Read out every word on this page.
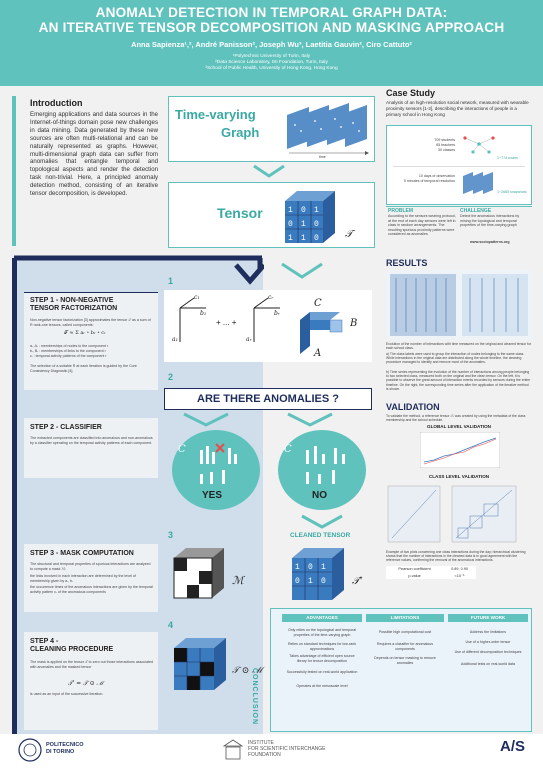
ANOMALY DETECTION IN TEMPORAL GRAPH DATA:
AN ITERATIVE TENSOR DECOMPOSITION AND MASKING APPROACH
Anna Sapienza¹,², André Panisson², Joseph Wu³, Laetitia Gauvin², Ciro Cattuto²
¹Polytechnic University of Turin, Italy
²Data Science Laboratory, ISI Foundation, Turin, Italy
³School of Public Health, University of Hong Kong, Hong Kong
Introduction
Emerging applications and data sources in the Internet-of-things domain pose new challenges in data mining. Data generated by these new sources are often multi-relational and can be naturally represented as graphs. However, multi-dimensional graph data can suffer from anomalies that entangle temporal and topological aspects and render the detection task non-trivial. Here, a principled anomaly detection method, consisting of an iterative tensor decomposition, is developed.
Time-varying
Graph
time
Tensor	1 0 1
0 1 0
1 1 0	𝒯
Case Study
Analysis of an high-resolution social network, measured with wearable proximity sensors [1-2], describing the interactions of people in a primary school in Hong Kong
709 students
65 teachers
30 classes
1~774 nodes
10 days of observation
5 minutes of temporal resolution
1~2680 snapshots
PROBLEM
According to the sensors wearing protocol, at the end of each day sensors were left in class in random arrangements. The resulting spurious proximity patterns were considered as anomalies
CHALLENGE
Detect the anomalous interactions by mining the topological and temporal properties of the time-varying graph
www.sociopatterns.org
STEP 1 - NON-NEGATIVE
TENSOR FACTORIZATION
Non-negative tensor factorization [3] approximates the tensor 𝒯 as a sum of R rank-one tensors, called components:
𝒯 ≈ Σ aᵣ ∘ bᵣ ∘ cᵣ
aᵣ, Aᵣ : memberships of nodes to the component r
bᵣ, Bᵣ : memberships of links to the component r
cᵣ : temporal activity patterns of the component r
The selection of a suitable R at each iteration is guided by the Core Consistency Diagnostic [4].
STEP 2 - CLASSIFIER
The extracted components are classified into anomalous and non-anomalous by a classifier operating on the temporal activity patterns of each component.
STEP 3 - MASK COMPUTATION
The structural and temporal properties of spurious interactions are analyzed to compute a mask ℳ:
the links involved in each interaction are determined by the level of membership given by aᵣ, bᵣ
the occurrence times of the anomalous interactions are given by the temporal activity pattern cᵣ of the anomalous components
STEP 4 -
CLEANING PROCEDURE
The mask is applied on the tensor 𝒯 to zero out those interactions associated with anomalies and the masked tensor
𝒯' = 𝒯 ⊙ ℳ
is used as an input of the successive iteration.
1
c₁
b₁
a₁
+ ... +
cᵣ
bᵣ
aᵣ
C
B
A
2
ARE THERE ANOMALIES ?
C
YES
C
NO
3
ℳ
CLEANED TENSOR
1 0 1
0 1 0	𝒯'
4
𝒯 ⊙ ℳ
RESULTS
Evolution of the number of interactions with time measured on the original and cleaned tensor for each school class.
a) The class labels were used to group the interaction of nodes belonging to the same class. While interactions in the original data are distributed along the whole timeline, the cleaning procedure managed to identify and remove most of the anomalies.
b) Time series representing the evolution of the number of interactions among people belonging to two selected class, measured both on the original and the clean tensor. On the left, it is possible to observe the great amount of interaction events recorded by sensors during the entire timeline. On the right, the corresponding time series after the application of the iterative method is shown.
VALIDATION
To validate the method, a reference tensor 𝒯ᵣ was created by using the metadata of the class membership and the school schedule.
GLOBAL LEVEL VALIDATION
CLASS LEVEL VALIDATION
Example of two plots concerning one class interactions during the day; hierarchical clustering shows that the number of interactions in the cleaned data is in good agreement with the reference values, confirming the removal of the anomalous interactions.
Pearson coefficient	0.89, 0.90
p-value	<10⁻⁵
CONCLUSION
ADVANTAGES	LIMITATIONS	FUTURE WORK
Only relies on the topological and temporal properties of the time-varying graph
Relies on standard techniques for low-rank approximations
Takes advantage of efficient open source library for tensor decomposition
Successfully tested on real-world application
Operates at the mesoscale level
Possible high computational cost
Requires a classifier for anomalous components
Depends on tensor masking to remove anomalies
Address the limitations
Use of a higher-order tensor
Use of different decomposition techniques
Additional tests on real-world data
POLITECNICO
DI TORINO
INSTITUTE
FOR SCIENTIFIC INTERCHANGE
FOUNDATION	A/S
